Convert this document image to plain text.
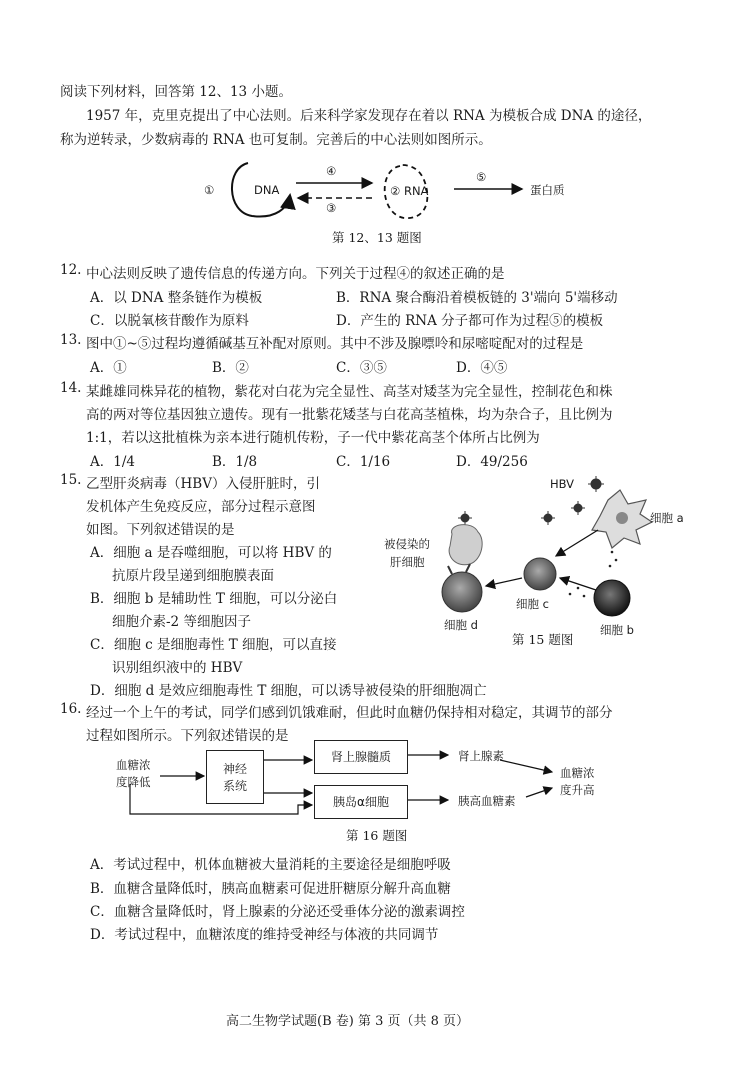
阅读下列材料，回答第 12、13 小题。
1957 年，克里克提出了中心法则。后来科学家发现存在着以 RNA 为模板合成 DNA 的途径，
称为逆转录，少数病毒的 RNA 也可复制。完善后的中心法则如图所示。
①	DNA
④
③
② RNA
⑤
蛋白质
第 12、13 题图
12. 中心法则反映了遗传信息的传递方向。下列关于过程④的叙述正确的是
A．以 DNA 整条链作为模板	B．RNA 聚合酶沿着模板链的 3'端向 5'端移动
C．以脱氧核苷酸作为原料	D．产生的 RNA 分子都可作为过程⑤的模板
13. 图中①~⑤过程均遵循碱基互补配对原则。其中不涉及腺嘌呤和尿嘧啶配对的过程是
A．①	B．②	C．③⑤	D．④⑤
14. 某雌雄同株异花的植物，紫花对白花为完全显性、高茎对矮茎为完全显性，控制花色和株
高的两对等位基因独立遗传。现有一批紫花矮茎与白花高茎植株，均为杂合子，且比例为
1:1，若以这批植株为亲本进行随机传粉，子一代中紫花高茎个体所占比例为
A．1/4	B．1/8	C．1/16	D．49/256
15. 乙型肝炎病毒（HBV）入侵肝脏时，引
发机体产生免疫反应，部分过程示意图
如图。下列叙述错误的是
A．细胞 a 是吞噬细胞，可以将 HBV 的
抗原片段呈递到细胞膜表面
B．细胞 b 是辅助性 T 细胞，可以分泌白
细胞介素-2 等细胞因子
C．细胞 c 是细胞毒性 T 细胞，可以直接
识别组织液中的 HBV
D．细胞 d 是效应细胞毒性 T 细胞，可以诱导被侵染的肝细胞凋亡
HBV
细胞 a
被侵染的
肝细胞
细胞 c
细胞 d	细胞 b
第 15 题图
16. 经过一个上午的考试，同学们感到饥饿难耐，但此时血糖仍保持相对稳定，其调节的部分
过程如图所示。下列叙述错误的是
血糖浓
度降低
神经
系统
肾上腺髓质
胰岛α细胞
肾上腺素
胰高血糖素
血糖浓
度升高
第 16 题图
A．考试过程中，机体血糖被大量消耗的主要途径是细胞呼吸
B．血糖含量降低时，胰高血糖素可促进肝糖原分解升高血糖
C．血糖含量降低时，肾上腺素的分泌还受垂体分泌的激素调控
D．考试过程中，血糖浓度的维持受神经与体液的共同调节
高二生物学试题(B 卷) 第 3 页（共 8 页）
